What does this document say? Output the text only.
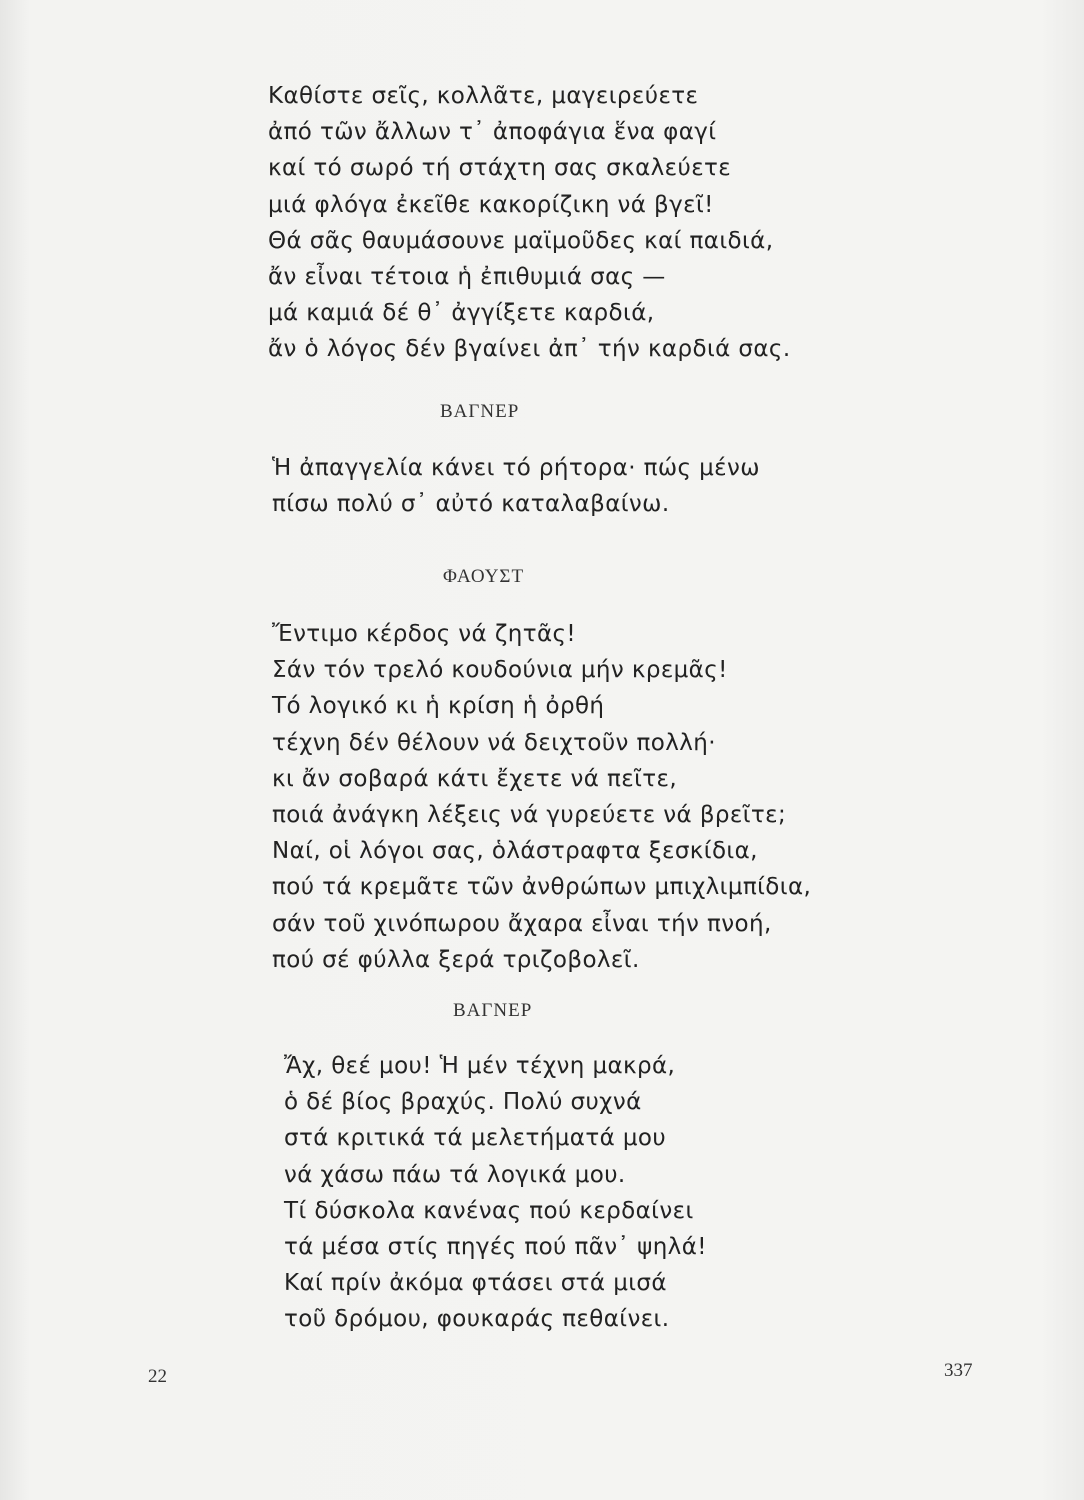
Καθίστε σεῖς, κολλᾶτε, μαγειρεύετε
ἀπό τῶν ἄλλων τ᾽ ἀποφάγια ἕνα φαγί
καί τό σωρό τή στάχτη σας σκαλεύετε
μιά φλόγα ἐκεῖθε κακορίζικη νά βγεῖ!
Θά σᾶς θαυμάσουνε μαϊμοῦδες καί παιδιά,
ἄν εἶναι τέτοια ἡ ἐπιθυμιά σας —
μά καμιά δέ θ᾽ ἀγγίξετε καρδιά,
ἄν ὁ λόγος δέν βγαίνει ἀπ᾽ τήν καρδιά σας.
ΒΑΓΝΕΡ
Ἡ ἀπαγγελία κάνει τό ρήτορα· πώς μένω
πίσω πολύ σ᾽ αὐτό καταλαβαίνω.
ΦΑΟΥΣΤ
Ἔντιμο κέρδος νά ζητᾶς!
Σάν τόν τρελό κουδούνια μήν κρεμᾶς!
Τό λογικό κι ἡ κρίση ἡ ὀρθή
τέχνη δέν θέλουν νά δειχτοῦν πολλή·
κι ἄν σοβαρά κάτι ἔχετε νά πεῖτε,
ποιά ἀνάγκη λέξεις νά γυρεύετε νά βρεῖτε;
Ναί, οἱ λόγοι σας, ὁλάστραφτα ξεσκίδια,
πού τά κρεμᾶτε τῶν ἀνθρώπων μπιχλιμπίδια,
σάν τοῦ χινόπωρου ἄχαρα εἶναι τήν πνοή,
πού σέ φύλλα ξερά τριζοβολεῖ.
ΒΑΓΝΕΡ
Ἄχ, θεέ μου! Ἡ μέν τέχνη μακρά,
ὁ δέ βίος βραχύς. Πολύ συχνά
στά κριτικά τά μελετήματά μου
νά χάσω πάω τά λογικά μου.
Τί δύσκολα κανένας πού κερδαίνει
τά μέσα στίς πηγές πού πᾶν᾽ ψηλά!
Καί πρίν ἀκόμα φτάσει στά μισά
τοῦ δρόμου, φουκαράς πεθαίνει.
22	337
